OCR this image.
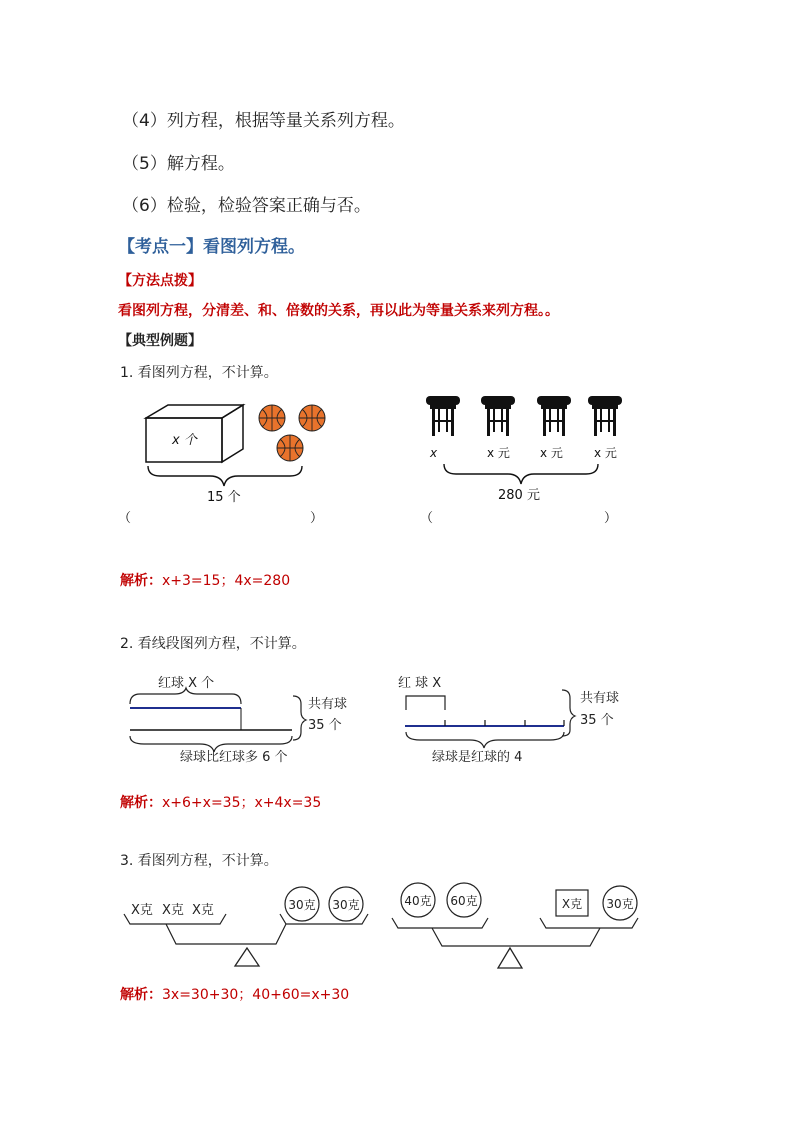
（4）列方程，根据等量关系列方程。
（5）解方程。
（6）检验，检验答案正确与否。
【考点一】看图列方程。
【方法点拨】
看图列方程，分清差、和、倍数的关系，再以此为等量关系来列方程。。
【典型例题】
1. 看图列方程，不计算。
x 个
15 个
（	）
x	x 元	x 元	x 元
280 元
（	）
解析：x+3=15；4x=280
2. 看线段图列方程，不计算。
红球 X 个
共有球
35 个
绿球比红球多 6 个
红 球 X
共有球
35 个
绿球是红球的 4
解析：x+6+x=35；x+4x=35
3. 看图列方程，不计算。
X克 X克 X克	30克 30克	40克 60克	X克 30克
解析：3x=30+30；40+60=x+30
